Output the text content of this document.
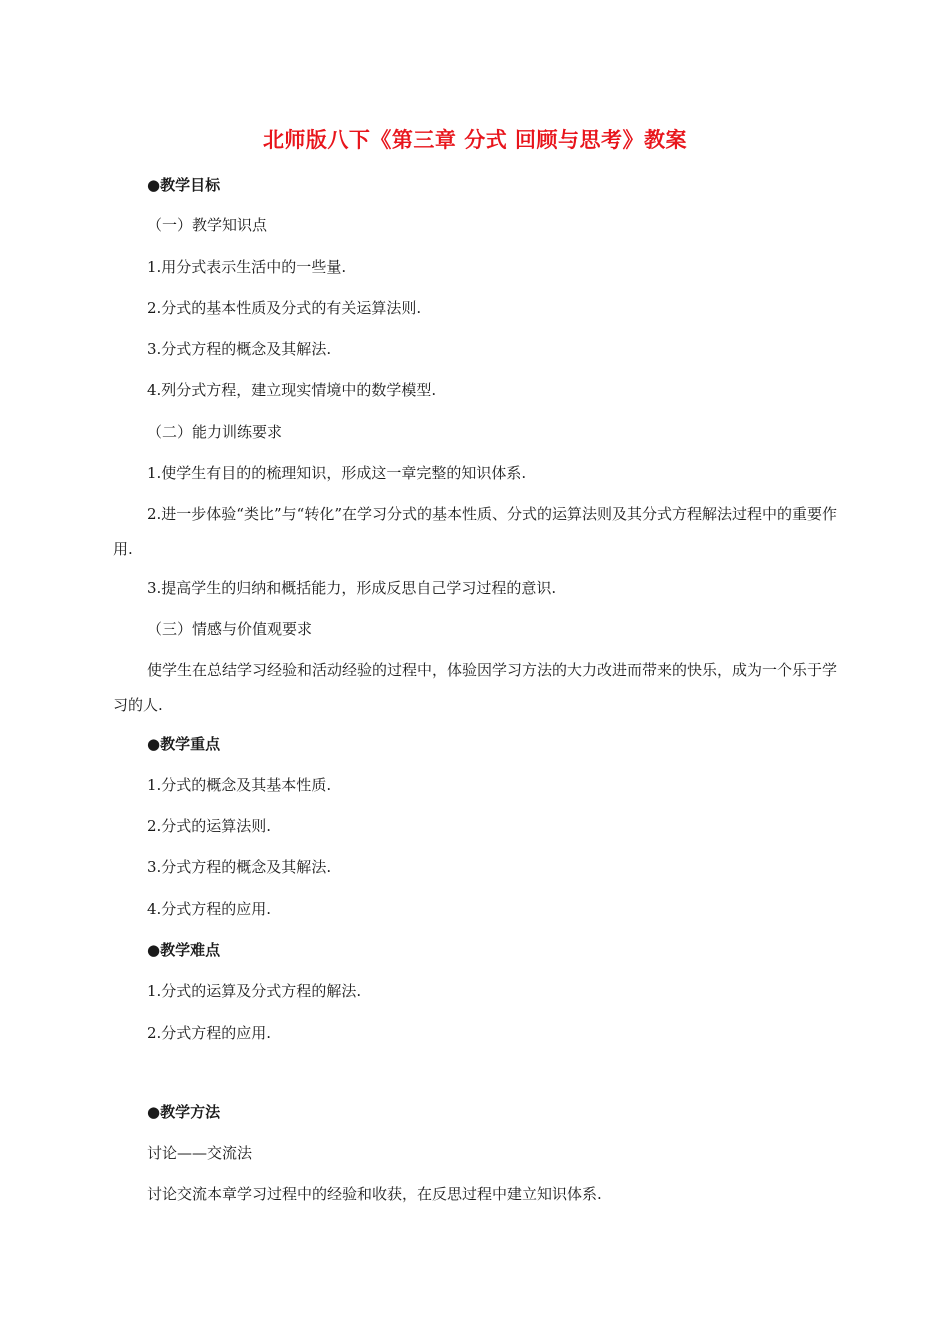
北师版八下《第三章 分式 回顾与思考》教案
●教学目标
（一）教学知识点
1.用分式表示生活中的一些量.
2.分式的基本性质及分式的有关运算法则.
3.分式方程的概念及其解法.
4.列分式方程，建立现实情境中的数学模型.
（二）能力训练要求
1.使学生有目的的梳理知识，形成这一章完整的知识体系.
2.进一步体验“类比”与“转化”在学习分式的基本性质、分式的运算法则及其分式方程解法过程中的重要作用.
3.提高学生的归纳和概括能力，形成反思自己学习过程的意识.
（三）情感与价值观要求
使学生在总结学习经验和活动经验的过程中，体验因学习方法的大力改进而带来的快乐，成为一个乐于学习的人.
●教学重点
1.分式的概念及其基本性质.
2.分式的运算法则.
3.分式方程的概念及其解法.
4.分式方程的应用.
●教学难点
1.分式的运算及分式方程的解法.
2.分式方程的应用.
●教学方法
讨论——交流法
讨论交流本章学习过程中的经验和收获，在反思过程中建立知识体系.
